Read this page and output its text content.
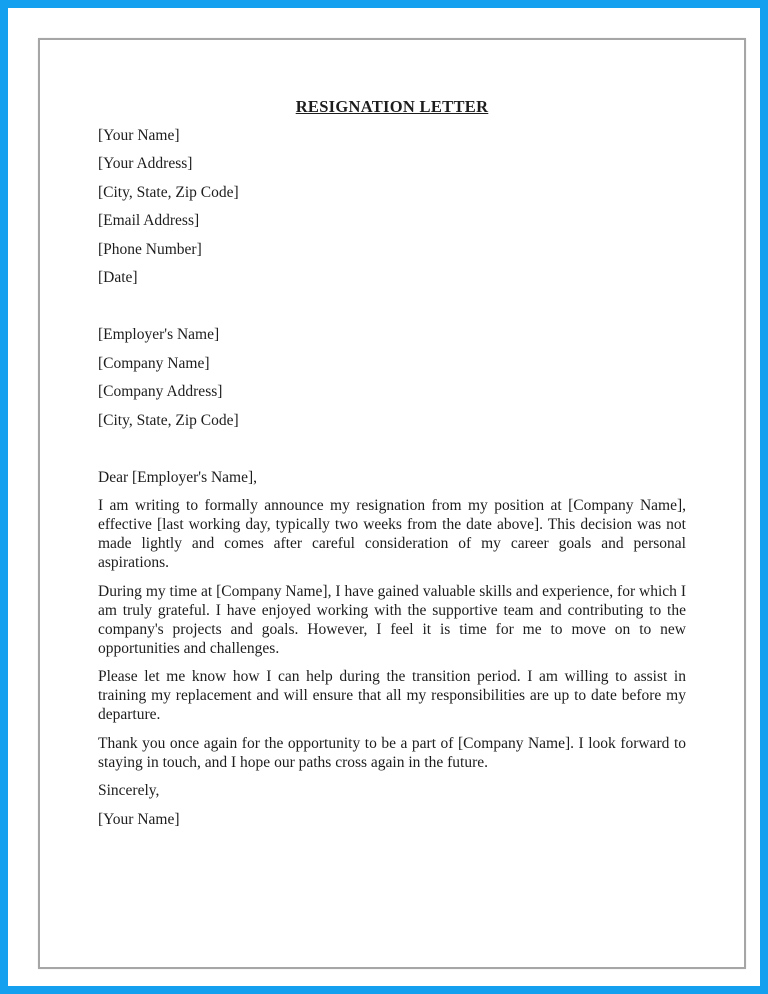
RESIGNATION LETTER
[Your Name]
[Your Address]
[City, State, Zip Code]
[Email Address]
[Phone Number]
[Date]
[Employer's Name]
[Company Name]
[Company Address]
[City, State, Zip Code]
Dear [Employer's Name],

I am writing to formally announce my resignation from my position at [Company Name], effective [last working day, typically two weeks from the date above]. This decision was not made lightly and comes after careful consideration of my career goals and personal aspirations.

During my time at [Company Name], I have gained valuable skills and experience, for which I am truly grateful. I have enjoyed working with the supportive team and contributing to the company's projects and goals. However, I feel it is time for me to move on to new opportunities and challenges.

Please let me know how I can help during the transition period. I am willing to assist in training my replacement and will ensure that all my responsibilities are up to date before my departure.

Thank you once again for the opportunity to be a part of [Company Name]. I look forward to staying in touch, and I hope our paths cross again in the future.

Sincerely,
[Your Name]
